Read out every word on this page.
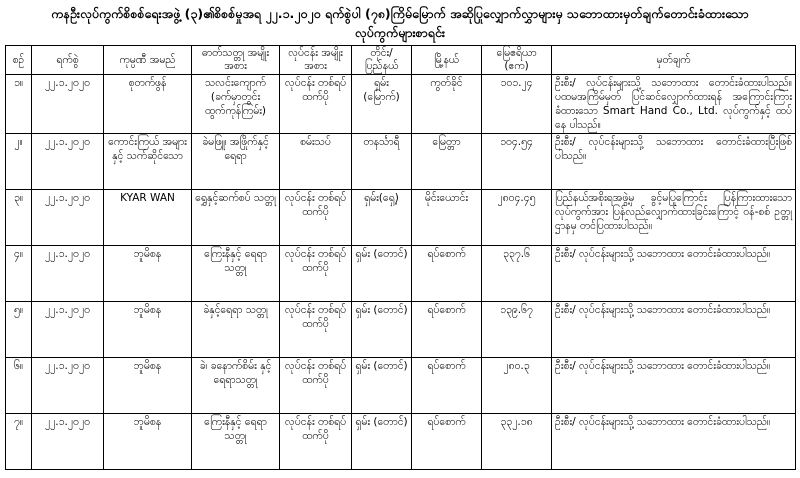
ကနဦးလုပ်ကွက်စိစစ်ရေးအဖွဲ့ (၃)၏စိစစ်မှုအရ ၂၂.၁.၂၀၂၀ ရက်စွဲပါ (၇၈)ကြိမ်မြောက် အဆိုပြုလျှောက်လွှာများမှ သဘောထားမှတ်ချက်တောင်းခံထားသော
လုပ်ကွက်များစာရင်း
စဉ်	ရက်စွဲ	ကုမ္ပဏီ အမည်	ဓာတ်သတ္တု အမျိုးအစား	လုပ်ငန်း အမျိုးအစား	တိုင်း/ ပြည်နယ်	မြို့နယ်	မြေဧရိယာ (ဧက)	မှတ်ချက်
၁။	၂၂.၁.၂၀၂၀	စုတက်ဖွန်	သလင်းကျောက် (ခက်မှာတွင်း ထွက်ကုန်ကြမ်း)	လုပ်ငန်း တစ်ရပ်ထက်ပို	ရှမ်း (မြောက်)	ကွတ်ခိုင်	၁၀၁.၂၄	ဦးစီး/ လုပ်ငန်းများသို့ သဘောထား တောင်းခံထားပါသည်။ ပထမအကြိမ်မှတ် ပြင်ဆင်လျှောက်ထားရန် အကြောင်းကြား ခံထားသော Smart Hand Co., Ltd. လုပ်ကွက်နှင့် ထပ်နေ ပါသည်။
၂။	၂၂.၁.၂၀၂၀	ကောင်းကြယ် အများနှင့် သက်ဆိုင်သော	ခဲမဖြူ၊ အဖြိုက်နှင့် ရေရာ	စမ်းသပ်	တနင်္သာရီ	မြေတ္တာ	၁၀၄.၅၄	ဦးစီး/ လုပ်ငန်းများသို့ သဘောထား တောင်းခံထားပြီးဖြစ်ပါသည်။
၃။	၂၂.၁.၂၀၂၀	KYAR WAN	ရွှေနှင့်ဆက်စပ် သတ္တု	လုပ်ငန်း တစ်ရပ်ထက်ပို	ရှမ်း(ရှေ့)	မိုင်းယောင်း	၂၈၀၄.၄၅	ပြည်နယ်အစိုးရအဖွဲ့မှ ခွင့်မပြုကြောင်း ပြန်ကြားထားသော လုပ်ကွက်အား ပြန်လည်လျှောက်ထားခြင်းကြောင့် ဝန်-စစ် ဥတ္တုဌာနမှ တင်ပြထားပါသည်။
၄။	၂၂.၁.၂၀၂၀	ဘူမိစန	ကြေးနီနှင့် ရေရာသတ္တု	လုပ်ငန်း တစ်ရပ်ထက်ပို	ရှမ်း (တောင်)	ရပ်စောက်	၃၃၇.၆	ဦးစီး/ လုပ်ငန်းများသို့ သဘောထား တောင်းခံထားပါသည်။
၅။	၂၂.၁.၂၀၂၀	ဘူမိစန	ခဲနှင့်ရေရာ သတ္တု	လုပ်ငန်း တစ်ရပ်ထက်ပို	ရှမ်း (တောင်)	ရပ်စောက်	၁၃၉.၆၇	ဦးစီး/ လုပ်ငန်းများသို့ သဘောထား တောင်းခံထားပါသည်။
၆။	၂၂.၁.၂၀၂၀	ဘူမိစန	ခဲ၊ ခနောက်စိမ်း နှင့် ရေရာသတ္တု	လုပ်ငန်း တစ်ရပ်ထက်ပို	ရှမ်း (တောင်)	ရပ်စောက်	၂၈၀.၃	ဦးစီး/ လုပ်ငန်းများသို့ သဘောထား တောင်းခံထားပါသည်။
၇။	၂၂.၁.၂၀၂၀	ဘူမိစန	ကြေးနီနှင့် ရေရာသတ္တု	လုပ်ငန်း တစ်ရပ်ထက်ပို	ရှမ်း (တောင်)	ရပ်စောက်	၃၃၂.၁၈	ဦးစီး/ လုပ်ငန်းများသို့ သဘောထား တောင်းခံထားပါသည်။
